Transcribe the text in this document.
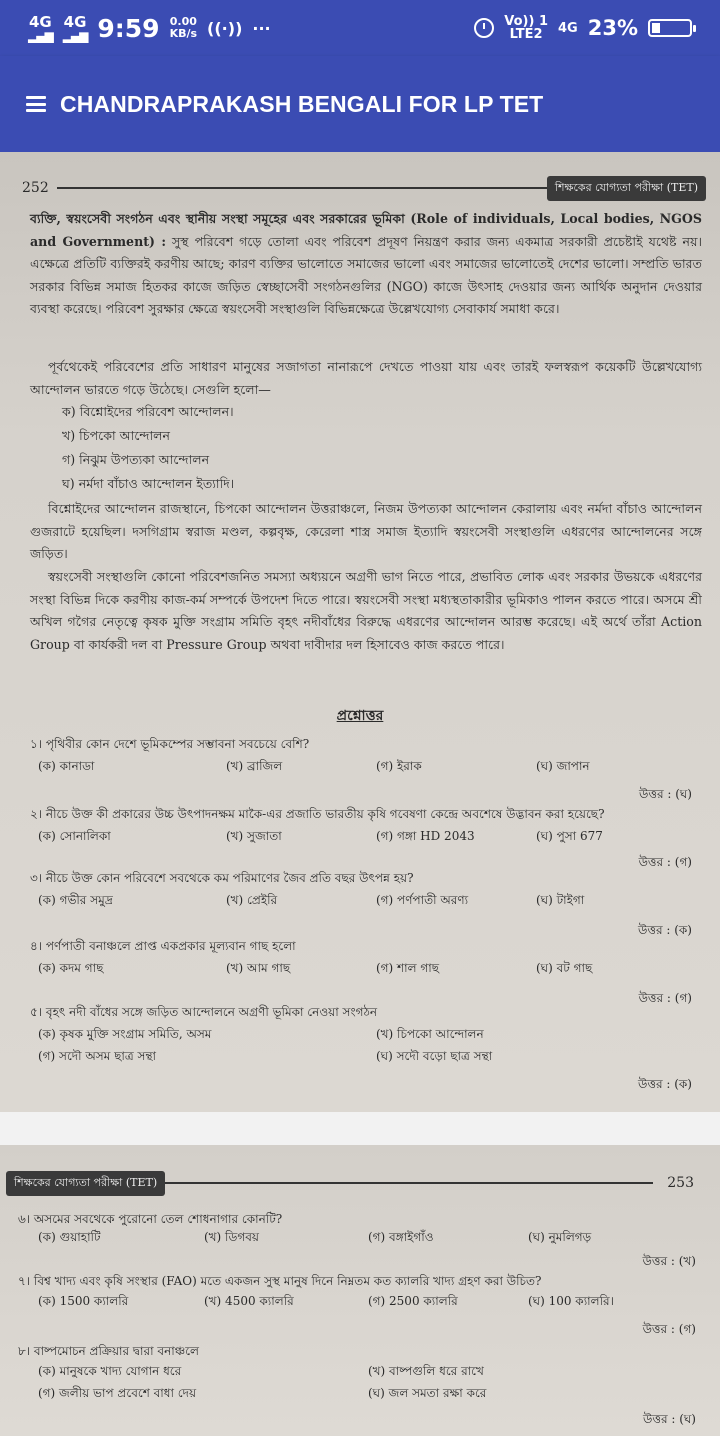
4G
▂▄▆
4G
▂▄▆ 9:59 0.00
KB/s ((·)) ···	Vo)) 1
LTE2	4G 23%
CHANDRAPRAKASH BENGALI FOR LP TET
252	শিক্ষকের যোগ্যতা পরীক্ষা (TET)
ব্যক্তি, স্বয়ংসেবী সংগঠন এবং স্থানীয় সংস্থা সমূহের এবং সরকারের ভূমিকা (Role of individuals, Local bodies, NGOS and Government) : সুস্থ পরিবেশ গড়ে তোলা এবং পরিবেশ প্রদূষণ নিয়ন্ত্রণ করার জন্য একমাত্র সরকারী প্রচেষ্টাই যথেষ্ট নয়। এক্ষেত্রে প্রতিটি ব্যক্তিরই করণীয় আছে; কারণ ব্যক্তির ভালোতে সমাজের ভালো এবং সমাজের ভালোতেই দেশের ভালো। সম্প্রতি ভারত সরকার বিভিন্ন সমাজ হিতকর কাজে জড়িত স্বেচ্ছাসেবী সংগঠনগুলির (NGO) কাজে উৎসাহ দেওয়ার জন্য আর্থিক অনুদান দেওয়ার ব্যবস্থা করেছে। পরিবেশ সুরক্ষার ক্ষেত্রে স্বয়ংসেবী সংস্থাগুলি বিভিন্নক্ষেত্রে উল্লেখযোগ্য সেবাকার্য সমাধা করে।
পূর্বথেকেই পরিবেশের প্রতি সাধারণ মানুষের সজাগতা নানারূপে দেখতে পাওয়া যায় এবং তারই ফলস্বরূপ কয়েকটি উল্লেখযোগ্য আন্দোলন ভারতে গড়ে উঠেছে। সেগুলি হলো—
ক) বিশ্নোইদের পরিবেশ আন্দোলন।
খ) চিপকো আন্দোলন
গ) নিঝুম উপত্যকা আন্দোলন
ঘ) নর্মদা বাঁচাও আন্দোলন ইত্যাদি।
বিশ্নোইদের আন্দোলন রাজস্থানে, চিপকো আন্দোলন উত্তরাঞ্চলে, নিজম উপত্যকা আন্দোলন কেরালায় এবং নর্মদা বাঁচাও আন্দোলন গুজরাটে হয়েছিল। দসগিগ্রাম স্বরাজ মণ্ডল, কল্পবৃক্ষ, কেরেলা শাস্ত্র সমাজ ইত্যাদি স্বয়ংসেবী সংস্থাগুলি এধরণের আন্দোলনের সঙ্গে জড়িত।
স্বয়ংসেবী সংস্থাগুলি কোনো পরিবেশজনিত সমস্যা অধ্যয়নে অগ্রণী ভাগ নিতে পারে, প্রভাবিত লোক এবং সরকার উভয়কে এধরণের সংস্থা বিভিন্ন দিকে করণীয় কাজ-কর্ম সম্পর্কে উপদেশ দিতে পারে। স্বয়ংসেবী সংস্থা মধ্যস্থতাকারীর ভূমিকাও পালন করতে পারে। অসমে শ্রী অখিল গগৈর নেতৃত্বে কৃষক মুক্তি সংগ্রাম সমিতি বৃহৎ নদীবাঁধের বিরুদ্ধে এধরণের আন্দোলন আরম্ভ করেছে। এই অর্থে তাঁরা Action Group বা কার্যকরী দল বা Pressure Group অথবা দাবীদার দল হিসাবেও কাজ করতে পারে।
প্রশ্নোত্তর
১। পৃথিবীর কোন দেশে ভূমিকম্পের সম্ভাবনা সবচেয়ে বেশি?
(ক) কানাডা	(খ) ব্রাজিল	(গ) ইরাক	(ঘ) জাপান
উত্তর : (ঘ)
২। নীচে উক্ত কী প্রকারের উচ্চ উৎপাদনক্ষম মাকৈ-এর প্রজাতি ভারতীয় কৃষি গবেষণা কেন্দ্রে অবশেষে উদ্ভাবন করা হয়েছে?
(ক) সোনালিকা	(খ) সুজাতা	(গ) গঙ্গা HD 2043	(ঘ) পুসা 677
উত্তর : (গ)
৩। নীচে উক্ত কোন পরিবেশে সবথেকে কম পরিমাণের জৈব প্রতি বছর উৎপন্ন হয়?
(ক) গভীর সমুদ্র	(খ) প্রেইরি	(গ) পর্ণপাতী অরণ্য	(ঘ) টাইগা
উত্তর : (ক)
৪। পর্ণপাতী বনাঞ্চলে প্রাপ্ত একপ্রকার মূল্যবান গাছ হলো
(ক) কদম গাছ	(খ) আম গাছ	(গ) শাল গাছ	(ঘ) বট গাছ
উত্তর : (গ)
৫। বৃহৎ নদী বাঁধের সঙ্গে জড়িত আন্দোলনে অগ্রণী ভূমিকা নেওয়া সংগঠন
(ক) কৃষক মুক্তি সংগ্রাম সমিতি, অসম	(খ) চিপকো আন্দোলন
(গ) সদৌ অসম ছাত্র সন্থা	(ঘ) সদৌ বড়ো ছাত্র সন্থা
উত্তর : (ক)
শিক্ষকের যোগ্যতা পরীক্ষা (TET)	253
৬। অসমের সবথেকে পুরোনো তেল শোধনাগার কোনটি?
(ক) গুয়াহাটি	(খ) ডিগবয়	(গ) বঙ্গাইগাঁও	(ঘ) নুমলিগড়
উত্তর : (খ)
৭। বিশ্ব খাদ্য এবং কৃষি সংস্থার (FAO) মতে একজন সুস্থ মানুষ দিনে নিম্নতম কত ক্যালরি খাদ্য গ্রহণ করা উচিত?
(ক) 1500 ক্যালরি	(খ) 4500 ক্যালরি	(গ) 2500 ক্যালরি	(ঘ) 100 ক্যালরি।
উত্তর : (গ)
৮। বাষ্পমোচন প্রক্রিয়ার দ্বারা বনাঞ্চলে
(ক) মানুষকে খাদ্য যোগান ধরে	(খ) বাষ্পগুলি ধরে রাখে
(গ) জলীয় ভাপ প্রবেশে বাধা দেয়	(ঘ) জল সমতা রক্ষা করে
উত্তর : (ঘ)
